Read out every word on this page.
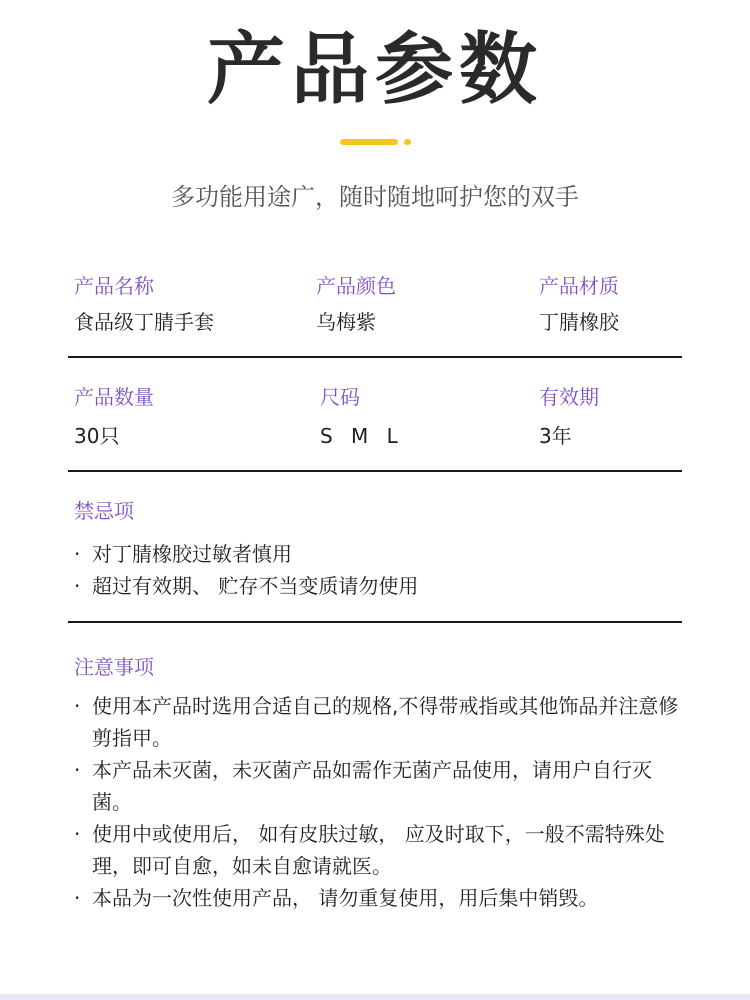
产品参数
多功能用途广，随时随地呵护您的双手
产品名称
食品级丁腈手套
产品颜色
乌梅紫
产品材质
丁腈橡胶
产品数量
30只
尺码
S M L
有效期
3年
禁忌项
· 对丁腈橡胶过敏者慎用
· 超过有效期、 贮存不当变质请勿使用
注意事项
· 使用本产品时选用合适自己的规格,不得带戒指或其他饰品并注意修剪指甲。
· 本产品未灭菌，未灭菌产品如需作无菌产品使用，请用户自行灭菌。
· 使用中或使用后， 如有皮肤过敏， 应及时取下，一般不需特殊处理，即可自愈，如未自愈请就医。
· 本品为一次性使用产品， 请勿重复使用，用后集中销毁。
